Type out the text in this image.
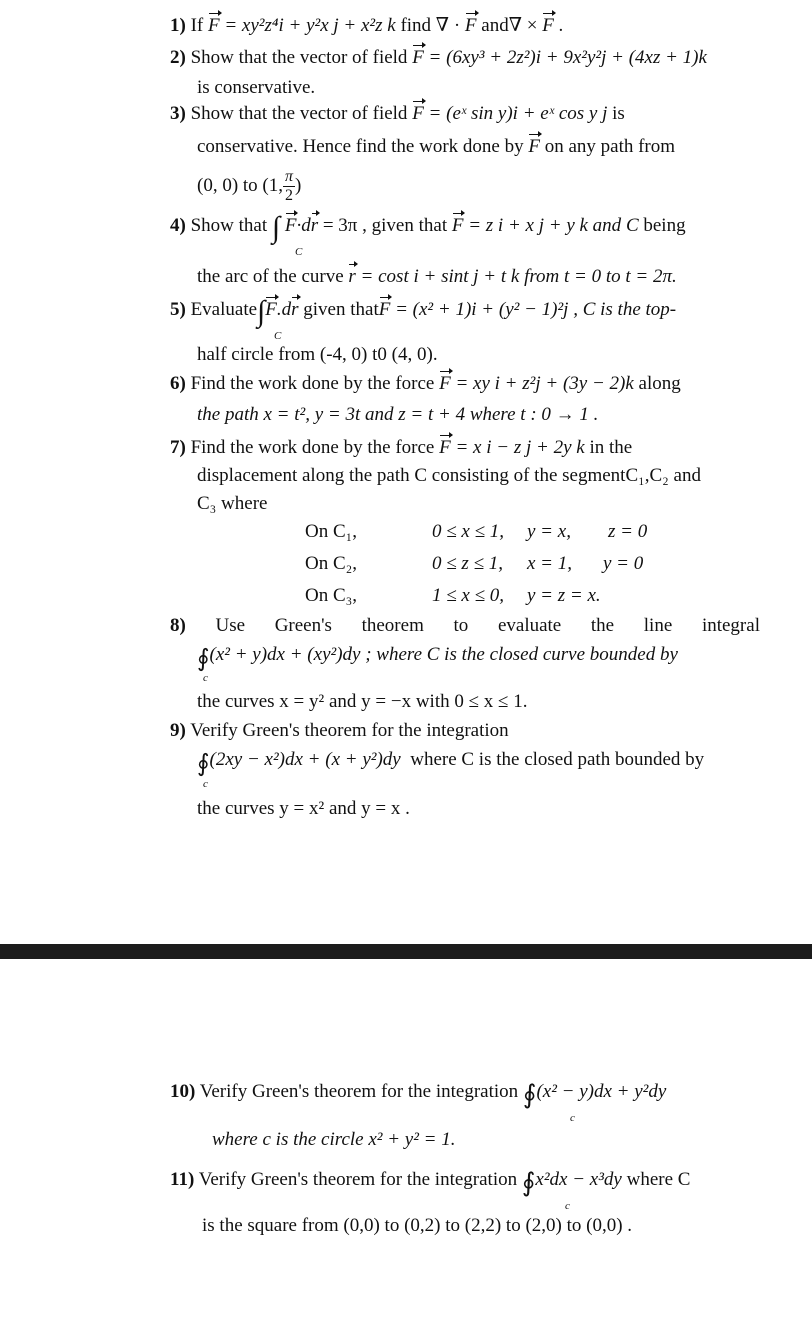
1) If F = xy²z⁴i + y²x j + x²z k find ∇ · F and∇ × F .
2) Show that the vector of field F = (6xy³ + 2z²)i + 9x²y²j + (4xz + 1)k
is conservative.
3) Show that the vector of field F = (eˣ sin y)i + eˣ cos y j is
conservative. Hence find the work done by F on any path from
(0, 0) to (1, $\frac{\pi}{2}$ )
4) Show that ∫ F·dr = 3π , given that F = z i + x j + y k and C being
C
the arc of the curve r = cost i + sint j + t k from t = 0 to t = 2π.
5) Evaluate∫F.dr given thatF = (x² + 1)i + (y² − 1)²j , C is the top-
C
half circle from (-4, 0) t0 (4, 0).
6) Find the work done by the force F = xy i + z²j + (3y − 2)k along
the path x = t², y = 3t and z = t + 4 where t : 0 → 1 .
7) Find the work done by the force F = x i − z j + 2y k in the
displacement along the path C consisting of the segmentC₁,C₂ and
C₃ where
On C₁,	0 ≤ x ≤ 1, y = x, z = 0
On C₂,	0 ≤ z ≤ 1, x = 1, y = 0
On C₃,	1 ≤ x ≤ 0, y = z = x.
8) Use Green's theorem to evaluate the line integral
∮(x² + y)dx + (xy²)dy ; where C is the closed curve bounded by
c
the curves x = y² and y = −x with 0 ≤ x ≤ 1.
9) Verify Green's theorem for the integration
∮(2xy − x²)dx + (x + y²)dy where C is the closed path bounded by
c
the curves y = x² and y = x .
10) Verify Green's theorem for the integration ∮(x² − y)dx + y²dy
c
where c is the circle x² + y² = 1.
11) Verify Green's theorem for the integration ∮x²dx − x³dy where C
c
is the square from (0,0) to (0,2) to (2,2) to (2,0) to (0,0) .
